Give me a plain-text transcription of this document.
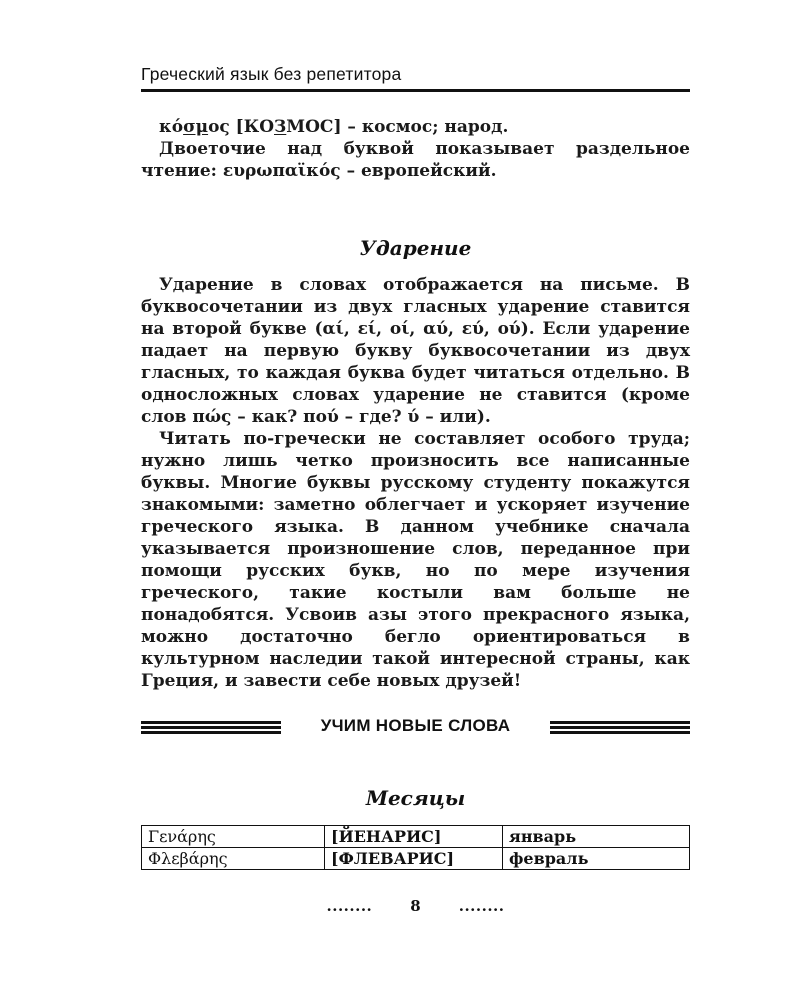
Греческий язык без репетитора

κόσμος [КОЗМОС] – космос; народ.

Двоеточие над буквой показывает раздельное чтение: ευρωπαϊκός – европейский.

Ударение

Ударение в словах отображается на письме. В буквосочетании из двух гласных ударение ставится на второй букве (αί, εί, οί, αύ, εύ, ού). Если ударение падает на первую букву буквосочетании из двух гласных, то каждая буква будет читаться отдельно. В односложных словах ударение не ставится (кроме слов πώς – как? πού – где? ύ – или).

Читать по-гречески не составляет особого труда; нужно лишь четко произносить все написанные буквы. Многие буквы русскому студенту покажутся знакомыми: заметно облегчает и ускоряет изучение греческого языка. В данном учебнике сначала указывается произношение слов, переданное при помощи русских букв, но по мере изучения греческого, такие костыли вам больше не понадобятся. Усвоив азы этого прекрасного языка, можно достаточно бегло ориентироваться в культурном наследии такой интересной страны, как Греция, и завести себе новых друзей!

УЧИМ НОВЫЕ СЛОВА
Месяцы
Γενάρης	[ЙЕНАРИС]	январь
Φλεβάρης	[ФЛЕВАРИС]	февраль
........	8	........
